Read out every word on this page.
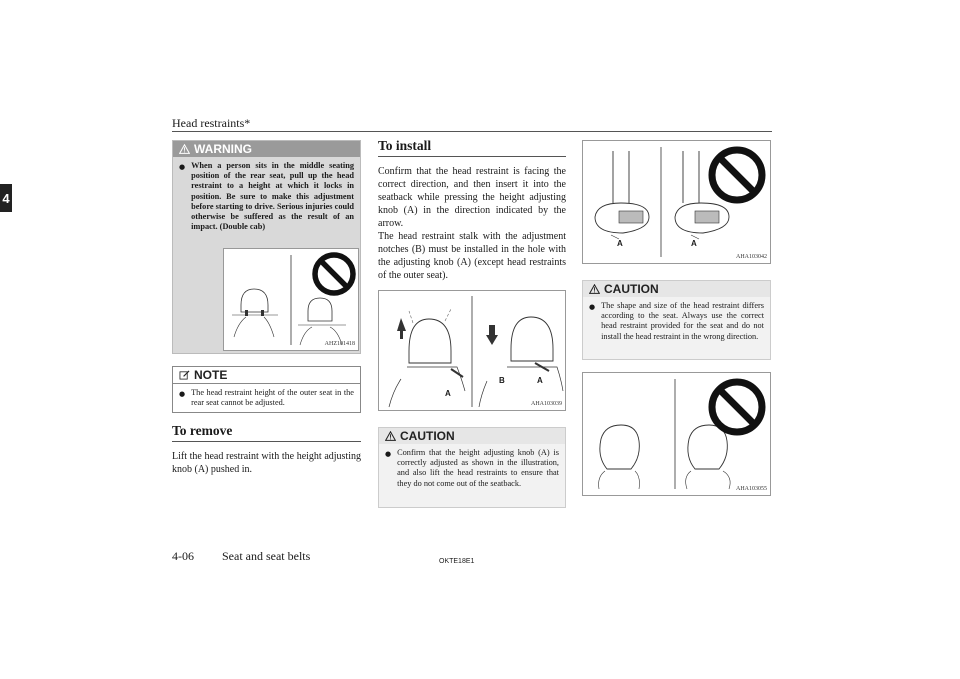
Head restraints*
4
WARNING
● When a person sits in the middle seating position of the rear seat, pull up the head restraint to a height at which it locks in position. Be sure to make this adjustment before starting to drive. Serious injuries could otherwise be suffered as the result of an impact. (Double cab)
AHZ101418
NOTE
● The head restraint height of the outer seat in the rear seat cannot be adjusted.
To remove
Lift the head restraint with the height adjusting knob (A) pushed in.
To install
Confirm that the head restraint is facing the correct direction, and then insert it into the seatback while pressing the height adjusting knob (A) in the direction indicated by the arrow.
The head restraint stalk with the adjustment notches (B) must be installed in the hole with the adjusting knob (A) (except head restraints of the outer seat).
A
B	A
AHA103039
CAUTION
● Confirm that the height adjusting knob (A) is correctly adjusted as shown in the illustration, and also lift the head restraints to ensure that they do not come out of the seatback.
A	A
AHA103042
CAUTION
● The shape and size of the head restraint differs according to the seat. Always use the correct head restraint provided for the seat and do not install the head restraint in the wrong direction.
AHA103055
4-06 Seat and seat belts	OKTE18E1
